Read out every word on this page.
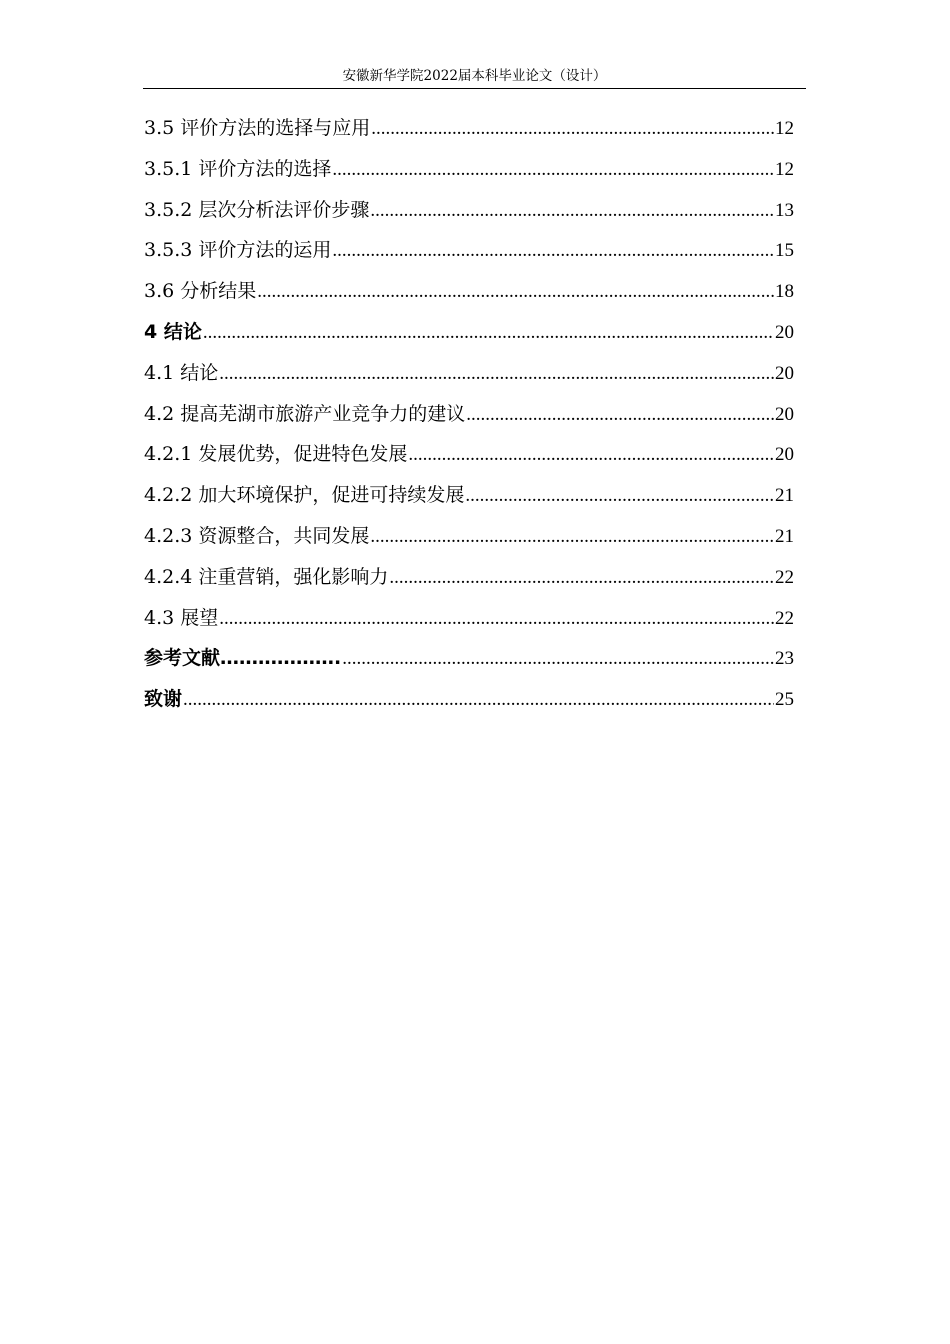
安徽新华学院2022届本科毕业论文（设计）
3.5 评价方法的选择与应用 .....	12
3.5.1 评价方法的选择 .....	12
3.5.2 层次分析法评价步骤 .....	13
3.5.3 评价方法的运用 .....	15
3.6 分析结果 .....	18
4 结论 .....	20
4.1 结论 .....	20
4.2 提高芜湖市旅游产业竞争力的建议 .....	20
4.2.1 发展优势，促进特色发展 .....	20
4.2.2 加大环境保护，促进可持续发展 .....	21
4.2.3 资源整合，共同发展 .....	21
4.2.4 注重营销，强化影响力 .....	22
4.3 展望 .....	22
参考文献………………. .....	23
致谢 .....	25
